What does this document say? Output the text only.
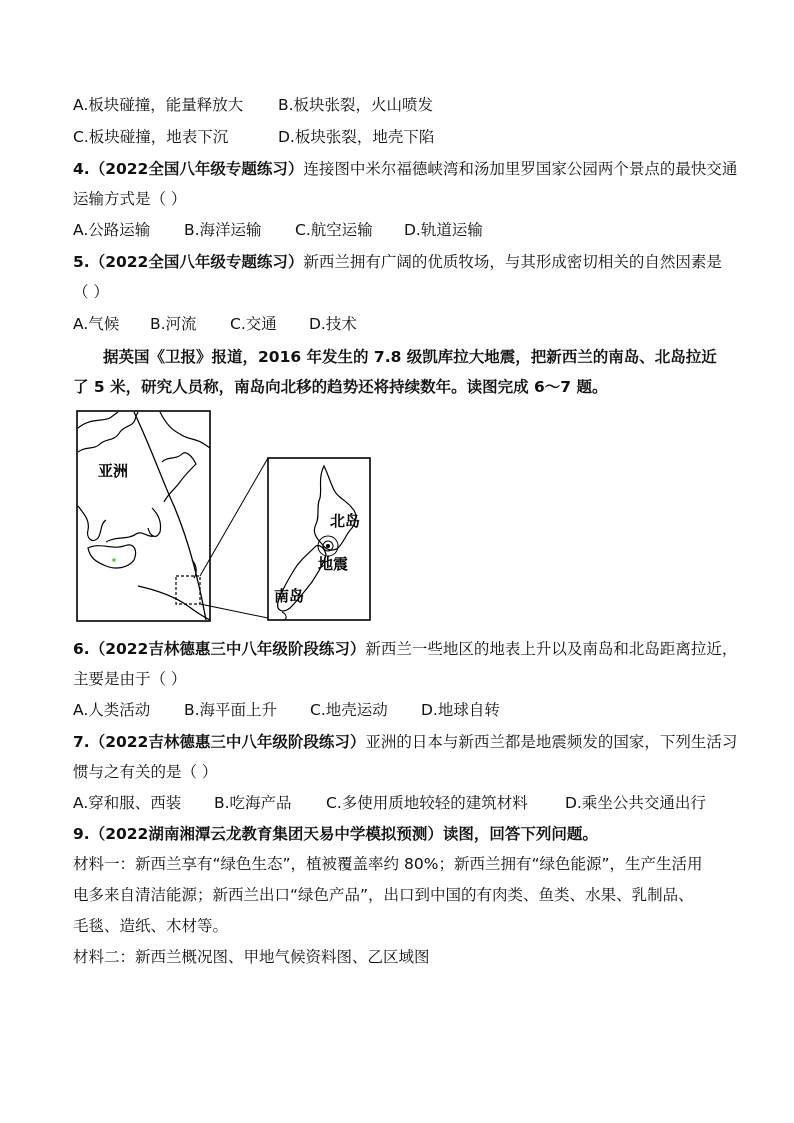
A.板块碰撞，能量释放大 B.板块张裂，火山喷发
C.板块碰撞，地表下沉	D.板块张裂，地壳下陷
4.（2022全国八年级专题练习）连接图中米尔福德峡湾和汤加里罗国家公园两个景点的最快交通
运输方式是（ ）
A.公路运输 B.海洋运输 C.航空运输 D.轨道运输
5.（2022全国八年级专题练习）新西兰拥有广阔的优质牧场，与其形成密切相关的自然因素是
（ ）
A.气候 B.河流 C.交通 D.技术
据英国《卫报》报道，2016 年发生的 7.8 级凯库拉大地震，把新西兰的南岛、北岛拉近
了 5 米，研究人员称，南岛向北移的趋势还将持续数年。读图完成 6～7 题。
亚洲
北岛
地震
南岛
6.（2022吉林德惠三中八年级阶段练习）新西兰一些地区的地表上升以及南岛和北岛距离拉近，
主要是由于（ ）
A.人类活动 B.海平面上升 C.地壳运动 D.地球自转
7.（2022吉林德惠三中八年级阶段练习）亚洲的日本与新西兰都是地震频发的国家，下列生活习
惯与之有关的是（ ）
A.穿和服、西装 B.吃海产品 C.多使用质地较轻的建筑材料 D.乘坐公共交通出行
9.（2022湖南湘潭云龙教育集团天易中学模拟预测）读图，回答下列问题。
材料一：新西兰享有“绿色生态”，植被覆盖率约 80%；新西兰拥有“绿色能源”，生产生活用
电多来自清洁能源；新西兰出口“绿色产品”，出口到中国的有肉类、鱼类、水果、乳制品、
毛毯、造纸、木材等。
材料二：新西兰概况图、甲地气候资料图、乙区域图
